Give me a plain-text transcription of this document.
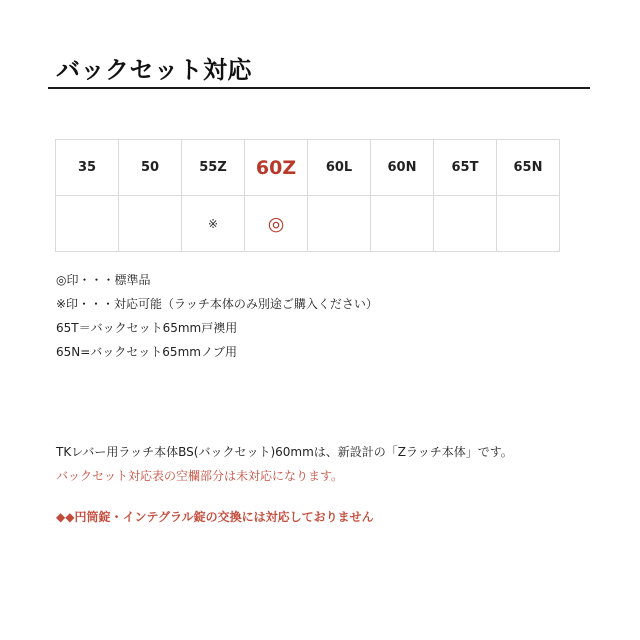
バックセット対応
35	50	55Z	60Z	60L	60N	65T	65N
		※	◎				
◎印・・・標準品
※印・・・対応可能（ラッチ本体のみ別途ご購入ください）
65T＝バックセット65mm戸襖用
65N=バックセット65mmノブ用
TKレバー用ラッチ本体BS(バックセット)60mmは、新設計の「Zラッチ本体」です。
バックセット対応表の空欄部分は未対応になります。
◆◆円筒錠・インテグラル錠の交換には対応しておりません
